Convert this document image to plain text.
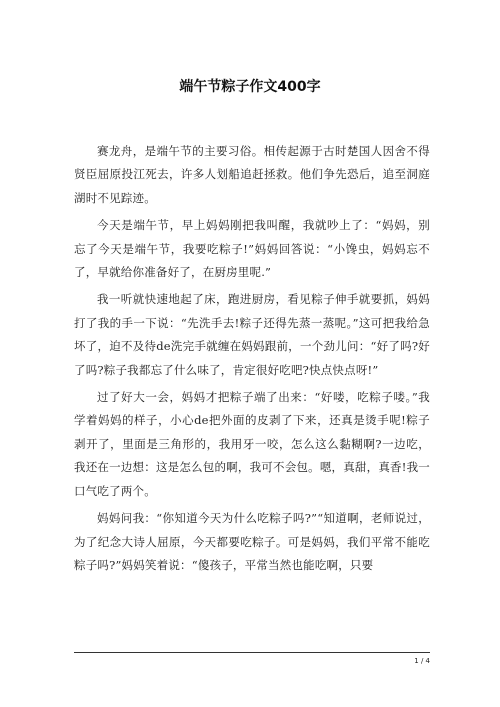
端午节粽子作文400字

赛龙舟，是端午节的主要习俗。相传起源于古时楚国人因舍不得贤臣屈原投江死去，许多人划船追赶拯救。他们争先恐后，追至洞庭湖时不见踪迹。

今天是端午节，早上妈妈刚把我叫醒，我就吵上了：“妈妈，别忘了今天是端午节，我要吃粽子!”妈妈回答说：“小馋虫，妈妈忘不了，早就给你准备好了，在厨房里呢.”

我一听就快速地起了床，跑进厨房，看见粽子伸手就要抓，妈妈打了我的手一下说：“先洗手去!粽子还得先蒸一蒸呢。”这可把我给急坏了，迫不及待de洗完手就缠在妈妈跟前，一个劲儿问：“好了吗?好了吗?粽子我都忘了什么味了，肯定很好吃吧?快点快点呀!”

过了好大一会，妈妈才把粽子端了出来：“好喽，吃粽子喽。”我学着妈妈的样子，小心de把外面的皮剥了下来，还真是烫手呢!粽子剥开了，里面是三角形的，我用牙一咬，怎么这么黏糊啊?一边吃，我还在一边想：这是怎么包的啊，我可不会包。嗯，真甜，真香!我一口气吃了两个。

妈妈问我：“你知道今天为什么吃粽子吗?”“知道啊，老师说过，为了纪念大诗人屈原，今天都要吃粽子。可是妈妈，我们平常不能吃粽子吗?”妈妈笑着说：“傻孩子，平常当然也能吃啊，只要

1 / 4
